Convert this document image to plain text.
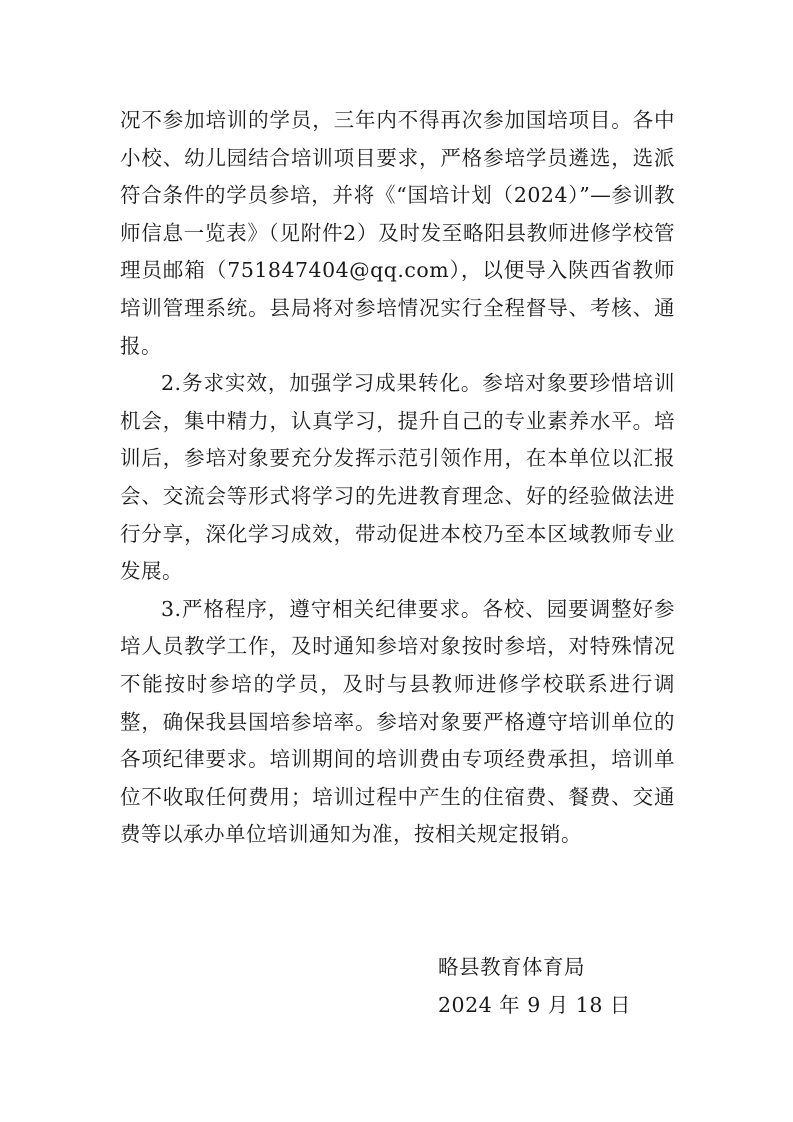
况不参加培训的学员，三年内不得再次参加国培项目。各中小校、幼儿园结合培训项目要求，严格参培学员遴选，选派符合条件的学员参培，并将《“国培计划（2024）”—参训教师信息一览表》（见附件2）及时发至略阳县教师进修学校管理员邮箱（751847404@qq.com），以便导入陕西省教师培训管理系统。县局将对参培情况实行全程督导、考核、通报。

2.务求实效，加强学习成果转化。参培对象要珍惜培训机会，集中精力，认真学习，提升自己的专业素养水平。培训后，参培对象要充分发挥示范引领作用，在本单位以汇报会、交流会等形式将学习的先进教育理念、好的经验做法进行分享，深化学习成效，带动促进本校乃至本区域教师专业发展。

3.严格程序，遵守相关纪律要求。各校、园要调整好参培人员教学工作，及时通知参培对象按时参培，对特殊情况不能按时参培的学员，及时与县教师进修学校联系进行调整，确保我县国培参培率。参培对象要严格遵守培训单位的各项纪律要求。培训期间的培训费由专项经费承担，培训单位不收取任何费用；培训过程中产生的住宿费、餐费、交通费等以承办单位培训通知为准，按相关规定报销。

略县教育体育局
2024 年 9 月 18 日
